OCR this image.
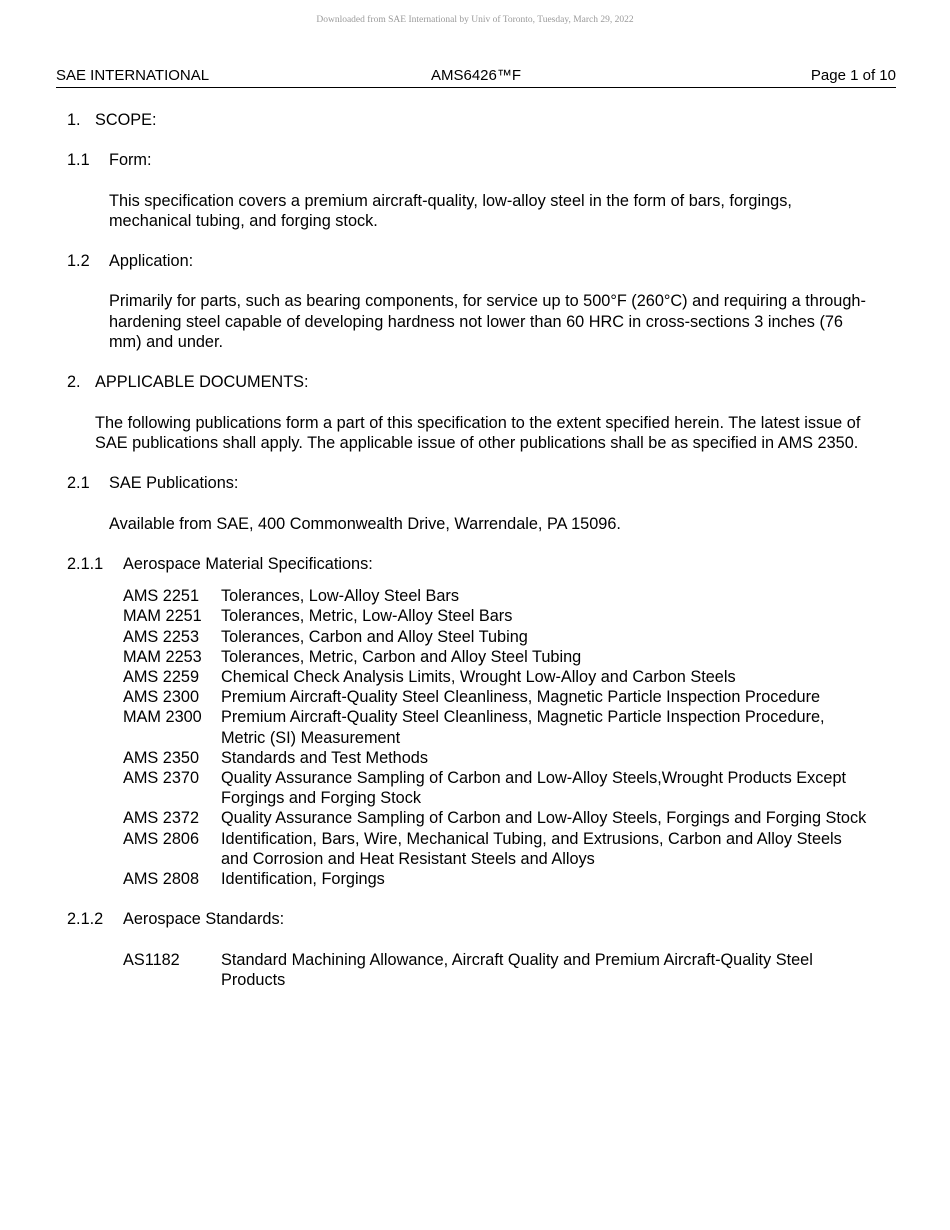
Downloaded from SAE International by Univ of Toronto, Tuesday, March 29, 2022
SAE INTERNATIONAL	AMS6426™F	Page 1 of 10
1. SCOPE:
1.1	Form:
This specification covers a premium aircraft-quality, low-alloy steel in the form of bars, forgings, mechanical tubing, and forging stock.
1.2	Application:
Primarily for parts, such as bearing components, for service up to 500°F (260°C) and requiring a through-hardening steel capable of developing hardness not lower than 60 HRC in cross-sections 3 inches (76 mm) and under.
2. APPLICABLE DOCUMENTS:
The following publications form a part of this specification to the extent specified herein. The latest issue of SAE publications shall apply. The applicable issue of other publications shall be as specified in AMS 2350.
2.1	SAE Publications:
Available from SAE, 400 Commonwealth Drive, Warrendale, PA 15096.
2.1.1	Aerospace Material Specifications:
AMS 2251	Tolerances, Low-Alloy Steel Bars
MAM 2251	Tolerances, Metric, Low-Alloy Steel Bars
AMS 2253	Tolerances, Carbon and Alloy Steel Tubing
MAM 2253	Tolerances, Metric, Carbon and Alloy Steel Tubing
AMS 2259	Chemical Check Analysis Limits, Wrought Low-Alloy and Carbon Steels
AMS 2300	Premium Aircraft-Quality Steel Cleanliness, Magnetic Particle Inspection Procedure
MAM 2300	Premium Aircraft-Quality Steel Cleanliness, Magnetic Particle Inspection Procedure, Metric (SI) Measurement
AMS 2350	Standards and Test Methods
AMS 2370	Quality Assurance Sampling of Carbon and Low-Alloy Steels,Wrought Products Except Forgings and Forging Stock
AMS 2372	Quality Assurance Sampling of Carbon and Low-Alloy Steels, Forgings and Forging Stock
AMS 2806	Identification, Bars, Wire, Mechanical Tubing, and Extrusions, Carbon and Alloy Steels and Corrosion and Heat Resistant Steels and Alloys
AMS 2808	Identification, Forgings
2.1.2	Aerospace Standards:
AS1182	Standard Machining Allowance, Aircraft Quality and Premium Aircraft-Quality Steel Products
